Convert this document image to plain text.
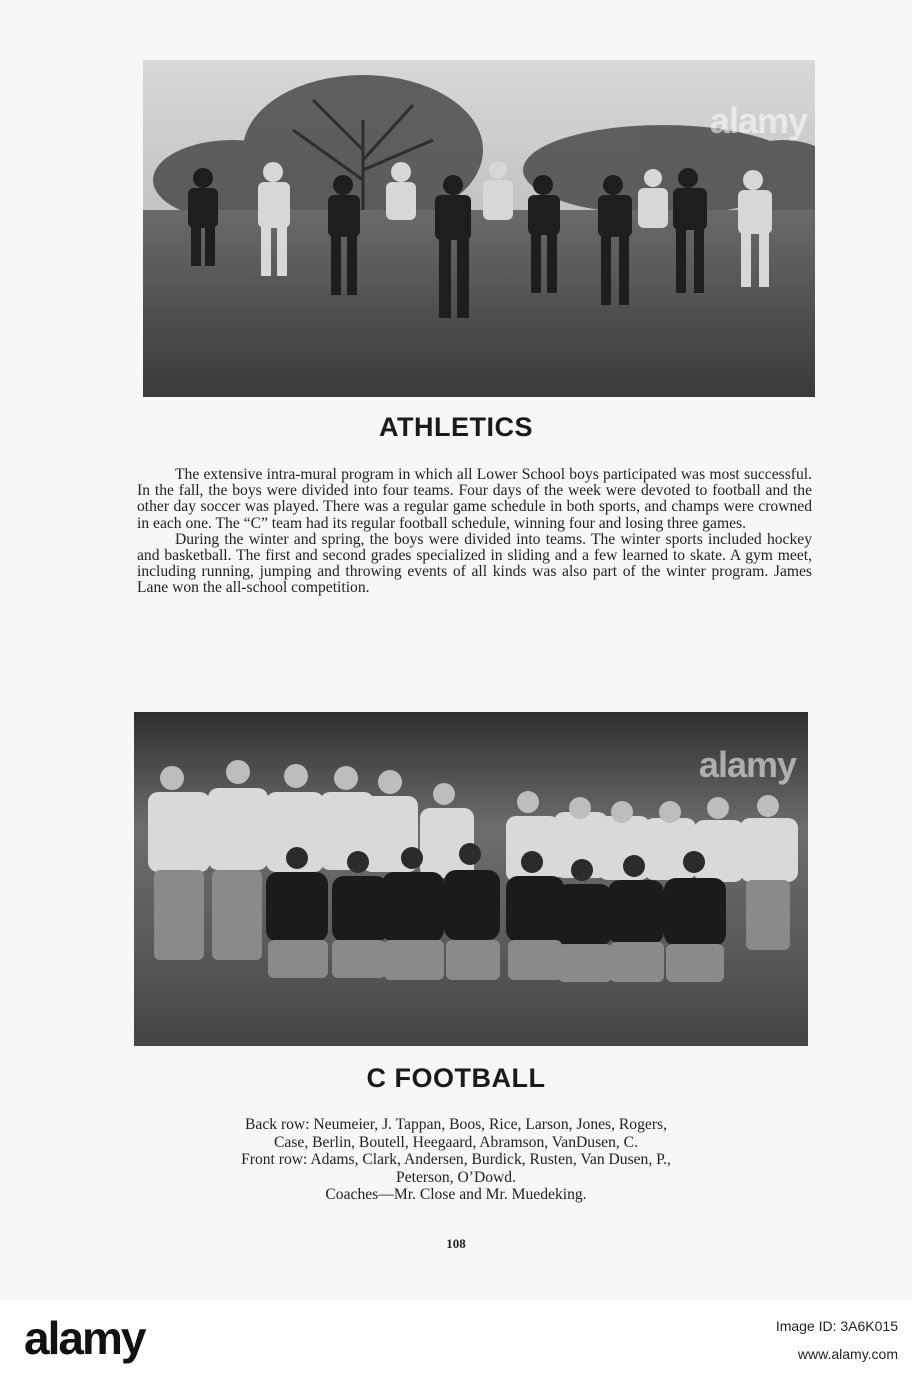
alamy
ATHLETICS

The extensive intra-mural program in which all Lower School boys participated was most successful. In the fall, the boys were divided into four teams. Four days of the week were devoted to football and the other day soccer was played. There was a regular game schedule in both sports, and champs were crowned in each one. The “C” team had its regular football schedule, winning four and losing three games.

During the winter and spring, the boys were divided into teams. The winter sports included hockey and basketball. The first and second grades specialized in sliding and a few learned to skate. A gym meet, including running, jumping and throwing events of all kinds was also part of the winter program. James Lane won the all-school competition.

alamy
C FOOTBALL
Back row: Neumeier, J. Tappan, Boos, Rice, Larson, Jones, Rogers,
Case, Berlin, Boutell, Heegaard, Abramson, VanDusen, C.
Front row: Adams, Clark, Andersen, Burdick, Rusten, Van Dusen, P.,
Peterson, O’Dowd.
Coaches—Mr. Close and Mr. Muedeking.
108
alamy	Image ID: 3A6K015
www.alamy.com
